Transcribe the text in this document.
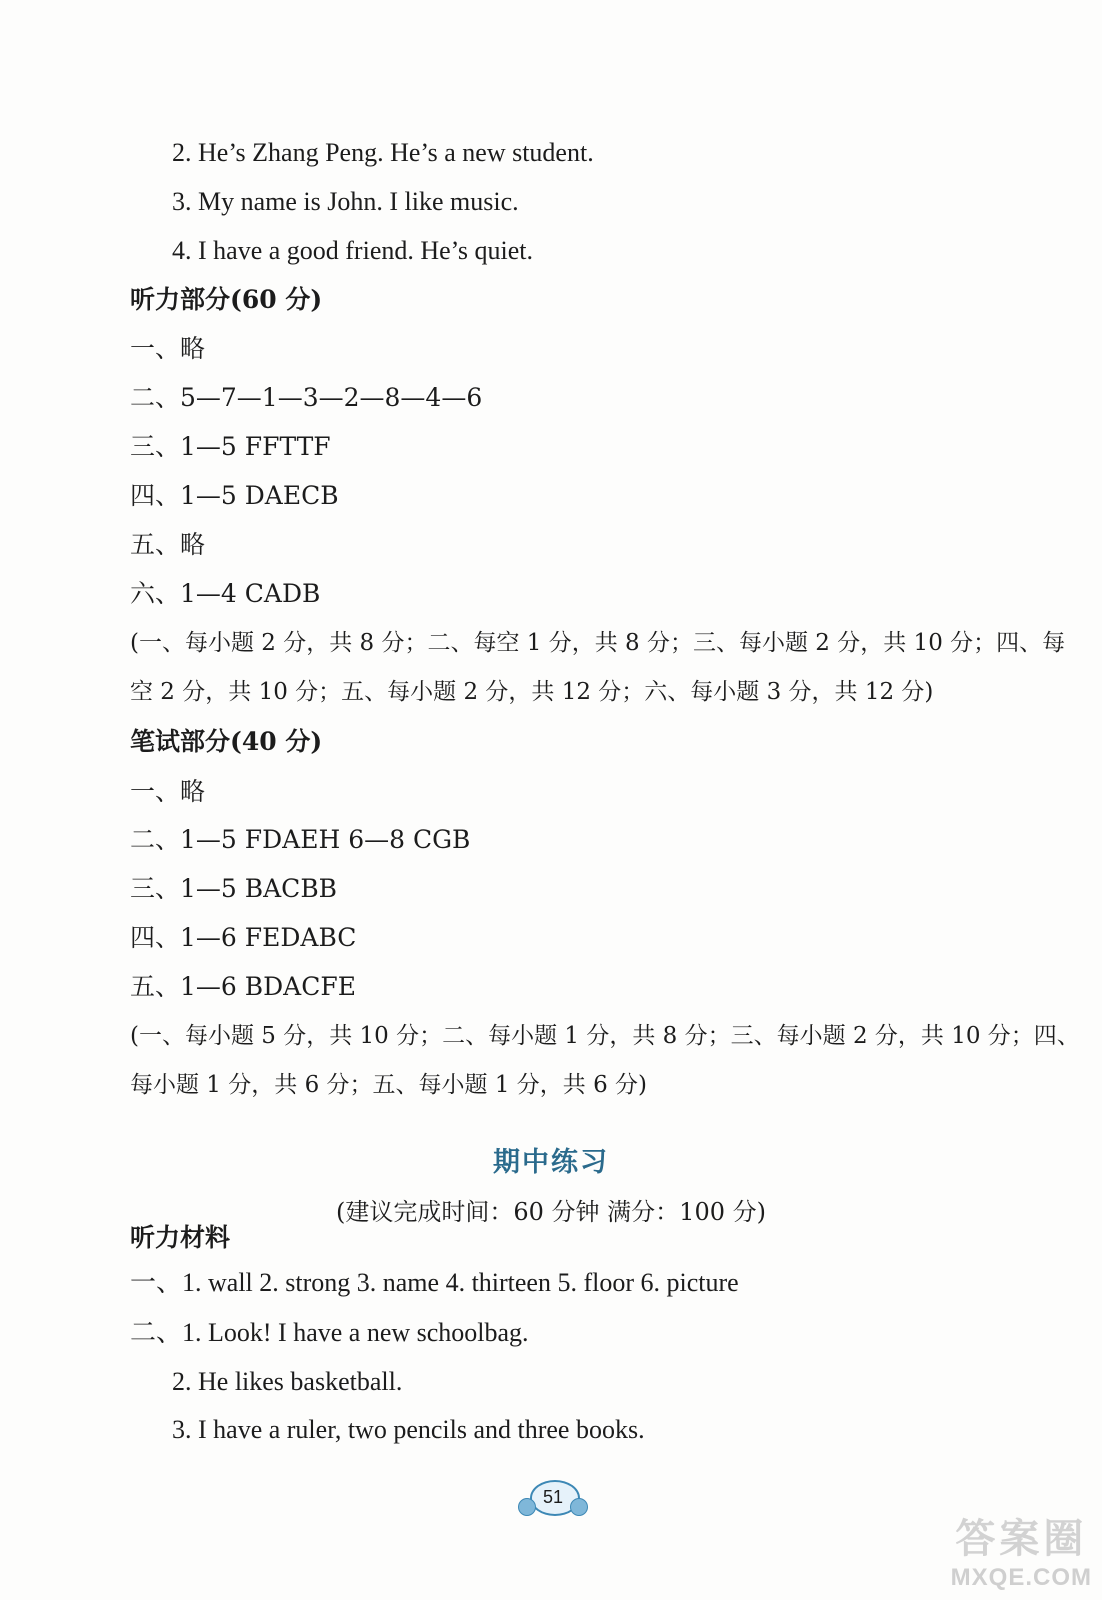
2. He’s Zhang Peng. He’s a new student.
3. My name is John. I like music.
4. I have a good friend. He’s quiet.
听力部分(60 分)
一、略
二、5—7—1—3—2—8—4—6
三、1—5 FFTTF
四、1—5 DAECB
五、略
六、1—4 CADB
(一、每小题 2 分，共 8 分；二、每空 1 分，共 8 分；三、每小题 2 分，共 10 分；四、每
空 2 分，共 10 分；五、每小题 2 分，共 12 分；六、每小题 3 分，共 12 分)
笔试部分(40 分)
一、略
二、1—5 FDAEH 6—8 CGB
三、1—5 BACBB
四、1—6 FEDABC
五、1—6 BDACFE
(一、每小题 5 分，共 10 分；二、每小题 1 分，共 8 分；三、每小题 2 分，共 10 分；四、
每小题 1 分，共 6 分；五、每小题 1 分，共 6 分)
期中练习
(建议完成时间：60 分钟 满分：100 分)
听力材料
一、1. wall 2. strong 3. name 4. thirteen 5. floor 6. picture
二、1. Look! I have a new schoolbag.
2. He likes basketball.
3. I have a ruler, two pencils and three books.
51
答案圈
MXQE.COM
